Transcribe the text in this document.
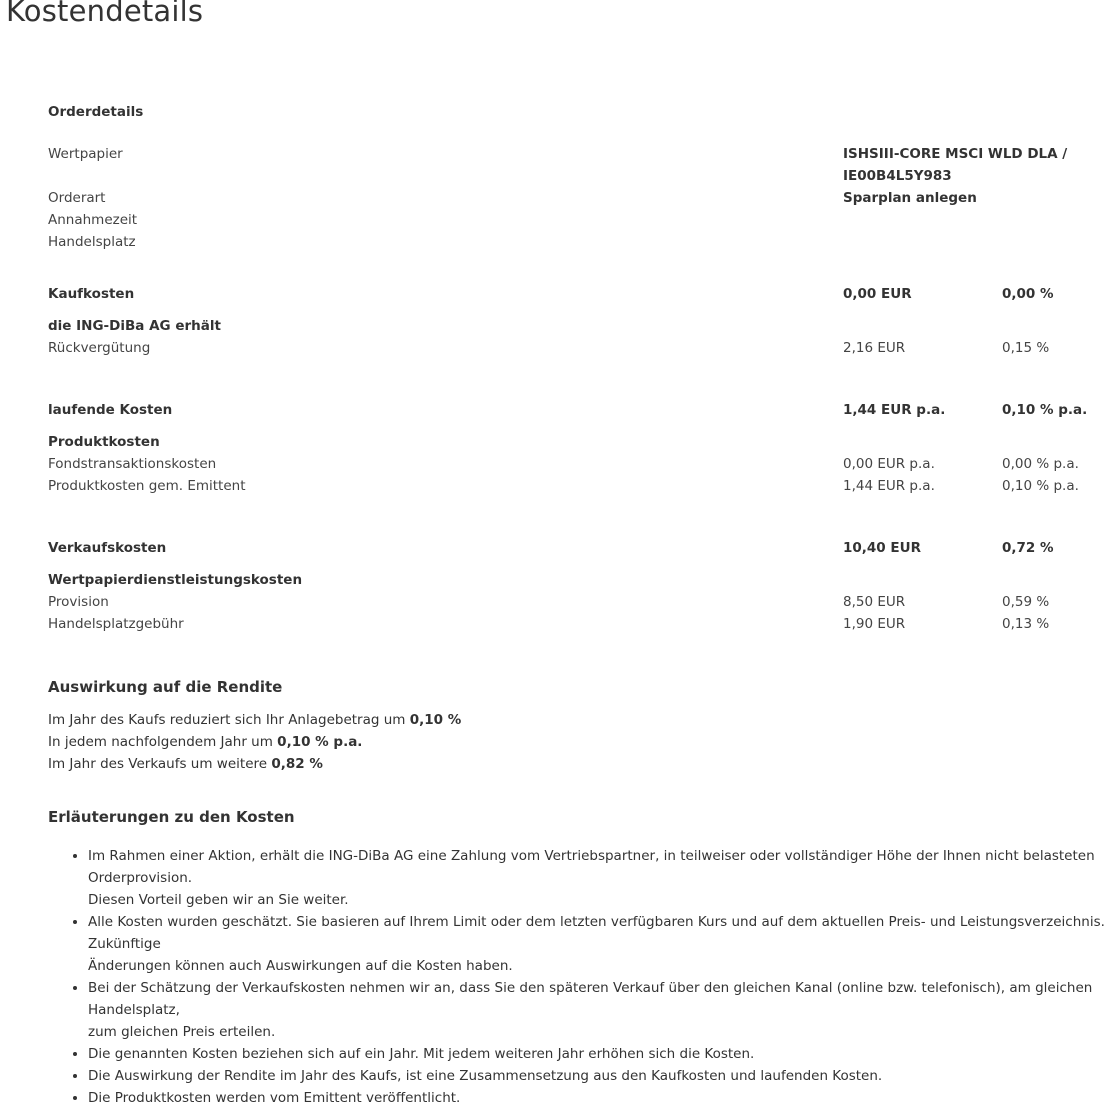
Kostendetails
Orderdetails
Wertpapier	ISHSIII-CORE MSCI WLD DLA /
IE00B4L5Y983
Orderart	Sparplan anlegen
Annahmezeit
Handelsplatz
Kaufkosten	0,00 EUR	0,00 %
die ING-DiBa AG erhält
Rückvergütung	2,16 EUR	0,15 %
laufende Kosten	1,44 EUR p.a.	0,10 % p.a.
Produktkosten
Fondstransaktionskosten	0,00 EUR p.a.	0,00 % p.a.
Produktkosten gem. Emittent	1,44 EUR p.a.	0,10 % p.a.
Verkaufskosten	10,40 EUR	0,72 %
Wertpapierdienstleistungskosten
Provision	8,50 EUR	0,59 %
Handelsplatzgebühr	1,90 EUR	0,13 %
Auswirkung auf die Rendite
Im Jahr des Kaufs reduziert sich Ihr Anlagebetrag um 0,10 %
In jedem nachfolgendem Jahr um 0,10 % p.a.
Im Jahr des Verkaufs um weitere 0,82 %
Erläuterungen zu den Kosten
• Im Rahmen einer Aktion, erhält die ING-DiBa AG eine Zahlung vom Vertriebspartner, in teilweiser oder vollständiger Höhe der Ihnen nicht belasteten Orderprovision.
Diesen Vorteil geben wir an Sie weiter.
• Alle Kosten wurden geschätzt. Sie basieren auf Ihrem Limit oder dem letzten verfügbaren Kurs und auf dem aktuellen Preis- und Leistungsverzeichnis. Zukünftige
Änderungen können auch Auswirkungen auf die Kosten haben.
• Bei der Schätzung der Verkaufskosten nehmen wir an, dass Sie den späteren Verkauf über den gleichen Kanal (online bzw. telefonisch), am gleichen Handelsplatz,
zum gleichen Preis erteilen.
• Die genannten Kosten beziehen sich auf ein Jahr. Mit jedem weiteren Jahr erhöhen sich die Kosten.
• Die Auswirkung der Rendite im Jahr des Kaufs, ist eine Zusammensetzung aus den Kaufkosten und laufenden Kosten.
• Die Produktkosten werden vom Emittent veröffentlicht.
